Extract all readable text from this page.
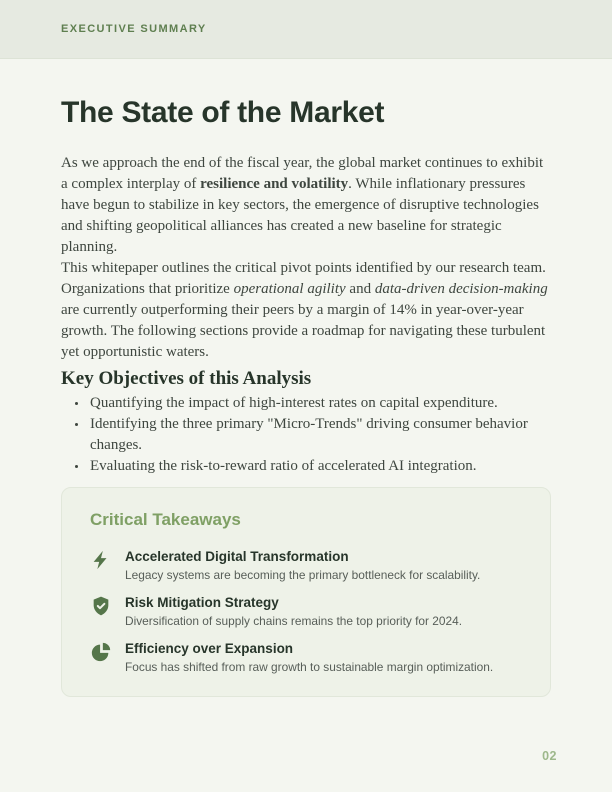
EXECUTIVE SUMMARY
The State of the Market

As we approach the end of the fiscal year, the global market continues to exhibit a complex interplay of resilience and volatility. While inflationary pressures have begun to stabilize in key sectors, the emergence of disruptive technologies and shifting geopolitical alliances has created a new baseline for strategic planning.

This whitepaper outlines the critical pivot points identified by our research team. Organizations that prioritize operational agility and data-driven decision-making are currently outperforming their peers by a margin of 14% in year-over-year growth. The following sections provide a roadmap for navigating these turbulent yet opportunistic waters.

Key Objectives of this Analysis
• Quantifying the impact of high-interest rates on capital expenditure.
• Identifying the three primary "Micro-Trends" driving consumer behavior changes.
• Evaluating the risk-to-reward ratio of accelerated AI integration.
Critical Takeaways
Accelerated Digital Transformation
Legacy systems are becoming the primary bottleneck for scalability.
Risk Mitigation Strategy
Diversification of supply chains remains the top priority for 2024.
Efficiency over Expansion
Focus has shifted from raw growth to sustainable margin optimization.
02
